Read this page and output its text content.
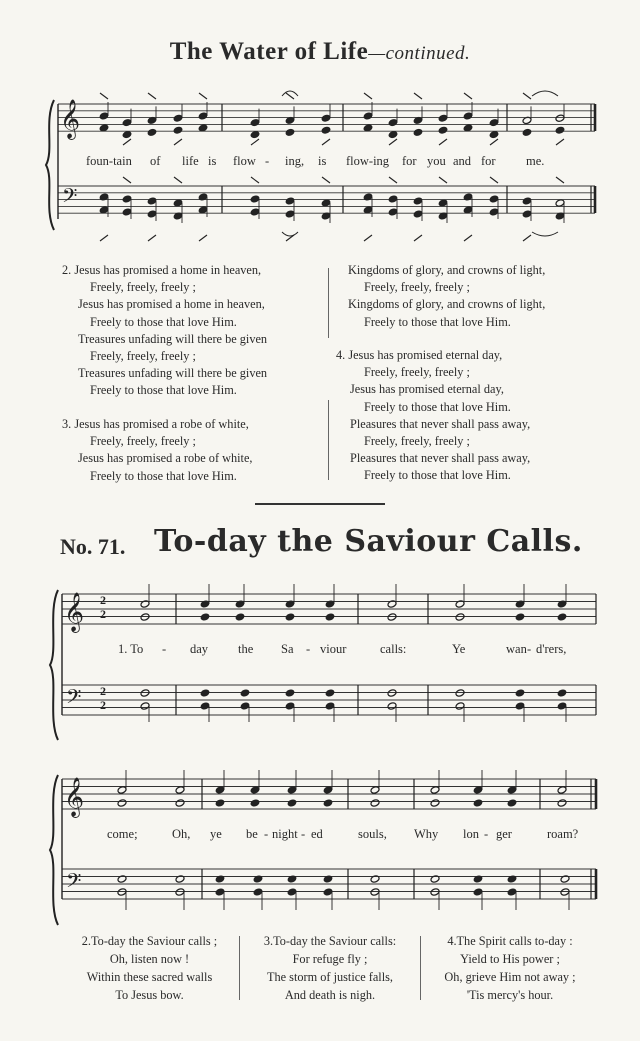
The Water of Life—continued.
𝄞
𝄢
𝄞
𝄢
2
2
2
2
𝄞
𝄢
foun-tain of life is flow - ing, is flow-ing for you and for me.
2. Jesus has promised a home in heaven,
Freely, freely, freely ;
Jesus has promised a home in heaven,
Freely to those that love Him.
Treasures unfading will there be given
Freely, freely, freely ;
Treasures unfading will there be given
Freely to those that love Him.
3. Jesus has promised a robe of white,
Freely, freely, freely ;
Jesus has promised a robe of white,
Freely to those that love Him.
Kingdoms of glory, and crowns of light,
Freely, freely, freely ;
Kingdoms of glory, and crowns of light,
Freely to those that love Him.
4. Jesus has promised eternal day,
Freely, freely, freely ;
Jesus has promised eternal day,
Freely to those that love Him.
Pleasures that never shall pass away,
Freely, freely, freely ;
Pleasures that never shall pass away,
Freely to those that love Him.
No. 71. To-day the Saviour Calls.
1. To - day the Sa - viour	calls:	Ye	wan - d'rers,
come;	Oh, ye be - night - ed	souls, Why lon - ger	roam?
2.To-day the Saviour calls ;
Oh, listen now !
Within these sacred walls
To Jesus bow.
3.To-day the Saviour calls:
For refuge fly ;
The storm of justice falls,
And death is nigh.
4.The Spirit calls to-day :
Yield to His power ;
Oh, grieve Him not away ;
'Tis mercy's hour.
